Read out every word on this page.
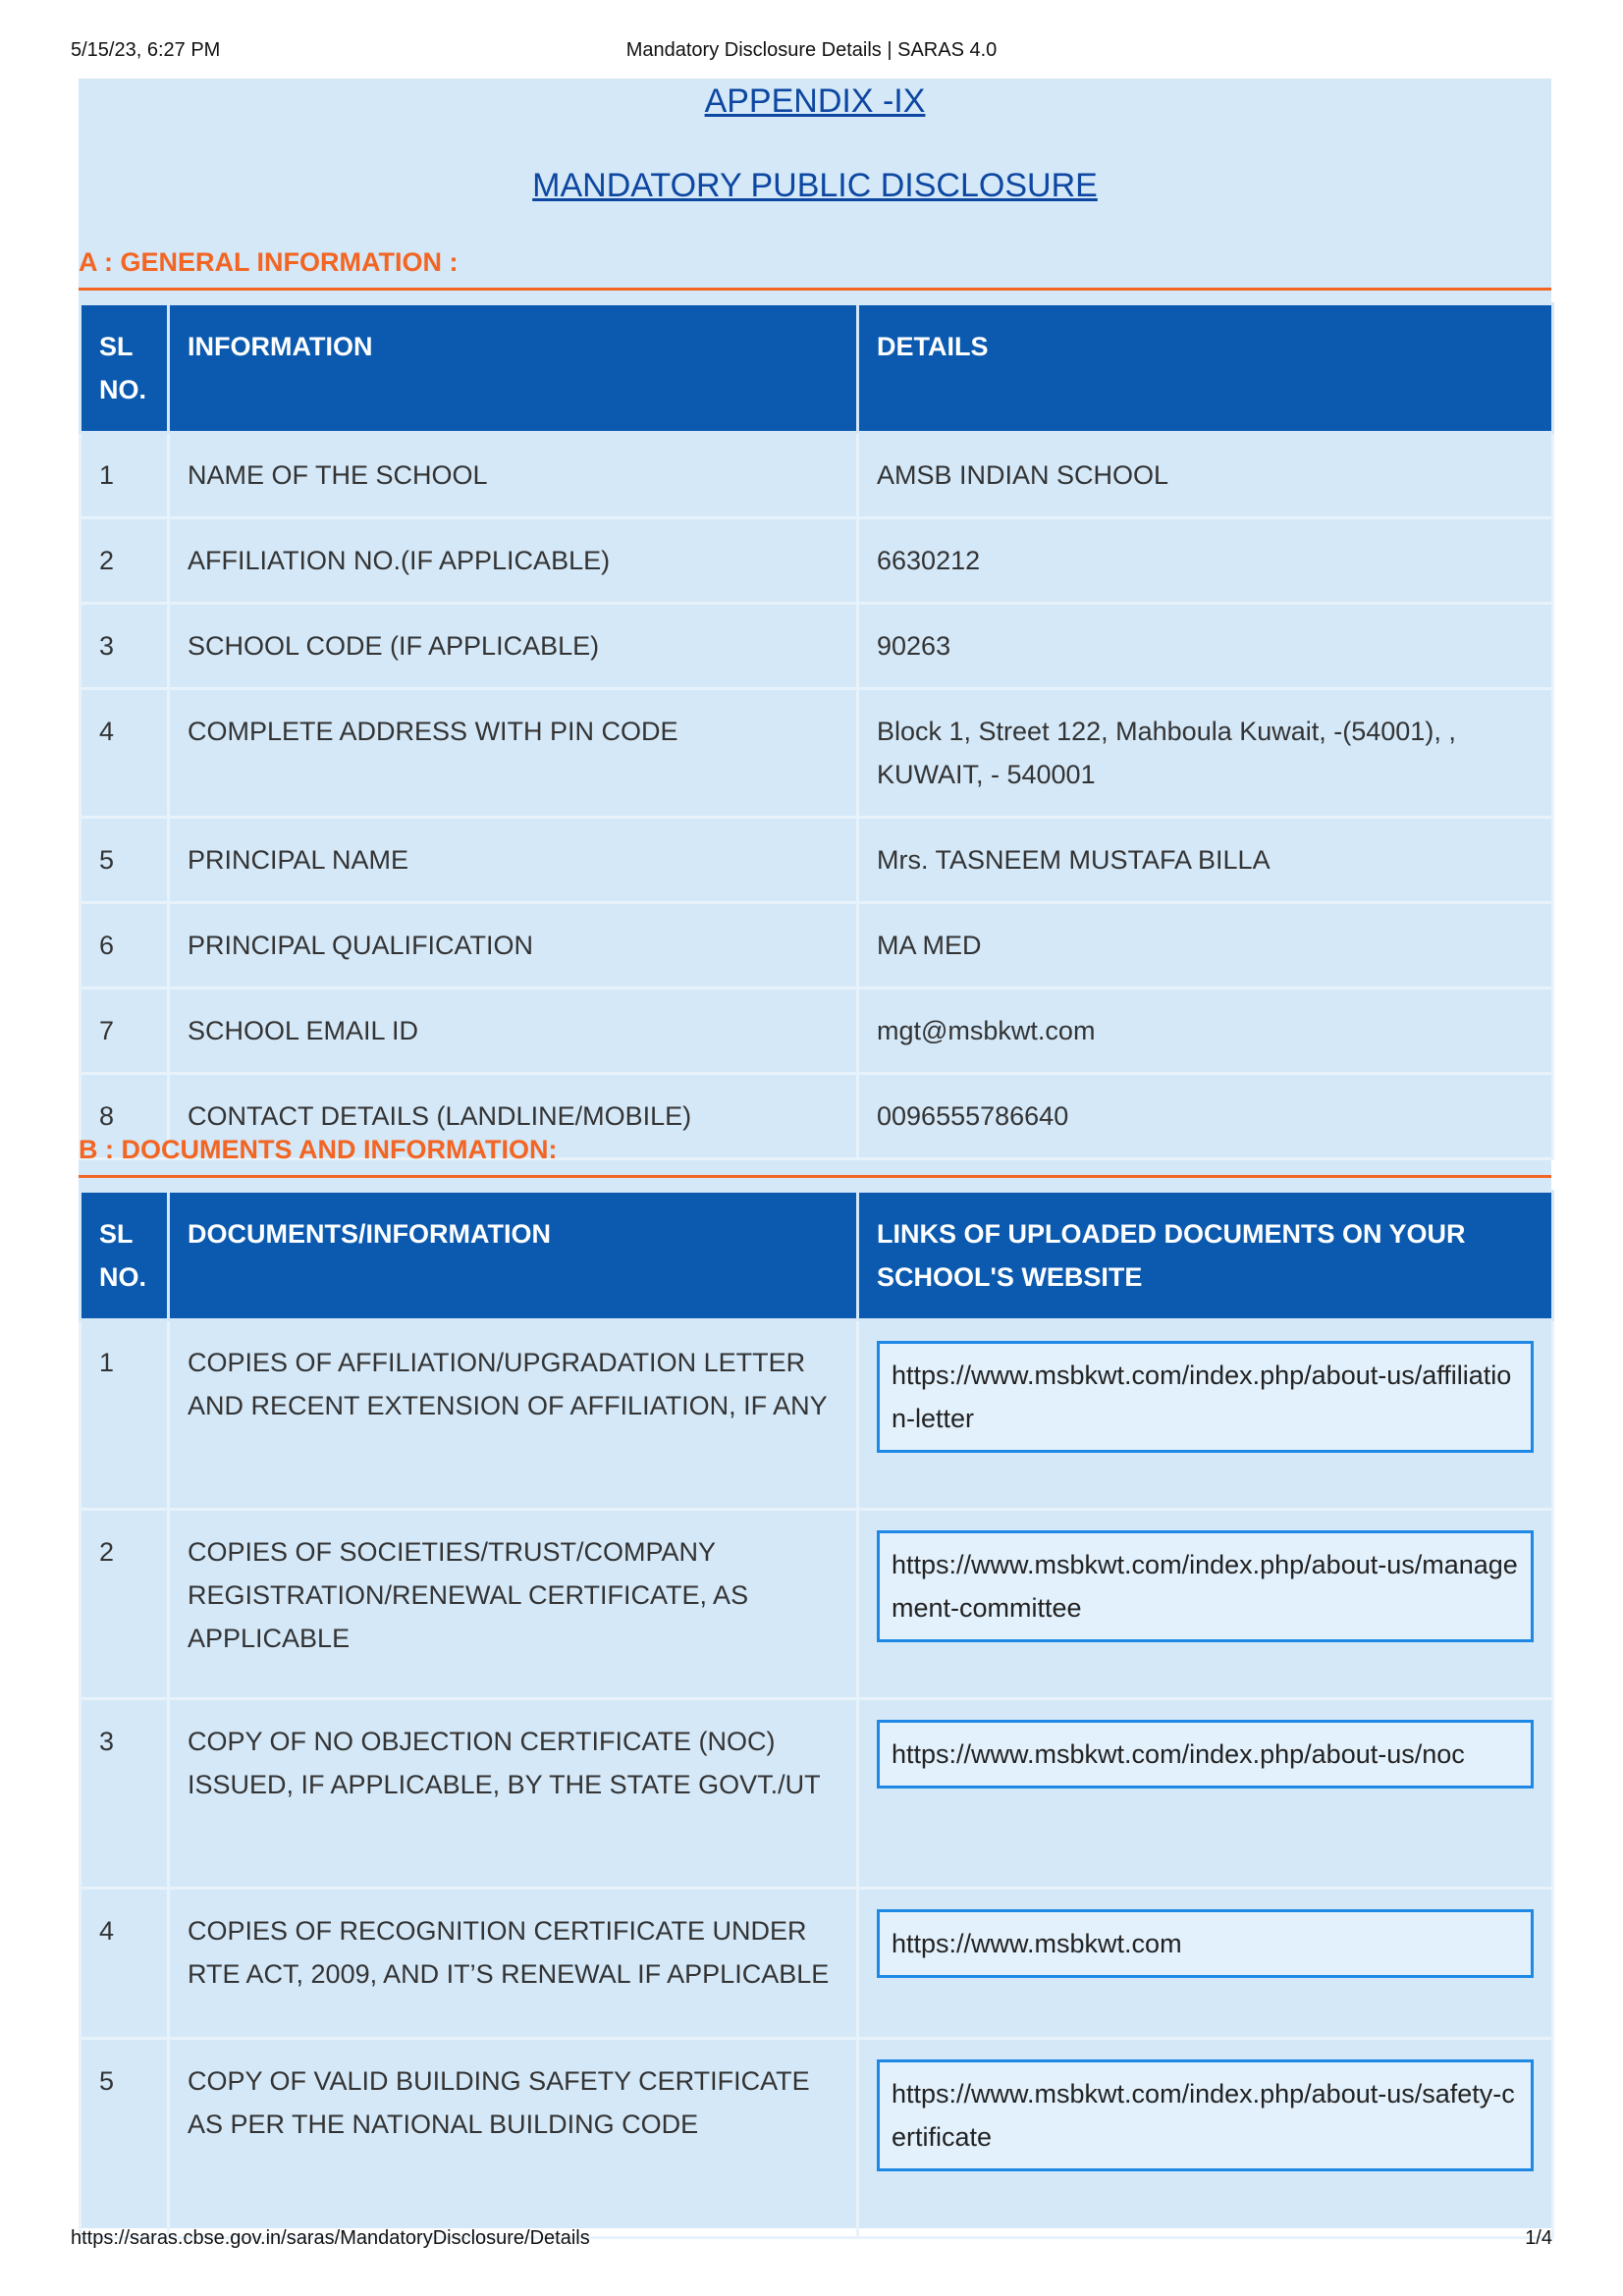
5/15/23, 6:27 PM	Mandatory Disclosure Details | SARAS 4.0
APPENDIX -IX
MANDATORY PUBLIC DISCLOSURE
A : GENERAL INFORMATION :
SL NO.	INFORMATION	DETAILS
1	NAME OF THE SCHOOL	AMSB INDIAN SCHOOL
2	AFFILIATION NO.(IF APPLICABLE)	6630212
3	SCHOOL CODE (IF APPLICABLE)	90263
4	COMPLETE ADDRESS WITH PIN CODE	Block 1, Street 122, Mahboula Kuwait, -(54001), , KUWAIT, - 540001
5	PRINCIPAL NAME	Mrs. TASNEEM MUSTAFA BILLA
6	PRINCIPAL QUALIFICATION	MA MED
7	SCHOOL EMAIL ID	mgt@msbkwt.com
8	CONTACT DETAILS (LANDLINE/MOBILE)	0096555786640
B : DOCUMENTS AND INFORMATION:
SL NO.	DOCUMENTS/INFORMATION	LINKS OF UPLOADED DOCUMENTS ON YOUR SCHOOL'S WEBSITE
1	COPIES OF AFFILIATION/UPGRADATION LETTER AND RECENT EXTENSION OF AFFILIATION, IF ANY	https://www.msbkwt.com/index.php/about-us/affiliation-letter

2	COPIES OF SOCIETIES/TRUST/COMPANY REGISTRATION/RENEWAL CERTIFICATE, AS APPLICABLE	https://www.msbkwt.com/index.php/about-us/management-committee

3	COPY OF NO OBJECTION CERTIFICATE (NOC) ISSUED, IF APPLICABLE, BY THE STATE GOVT./UT	https://www.msbkwt.com/index.php/about-us/noc

4	COPIES OF RECOGNITION CERTIFICATE UNDER RTE ACT, 2009, AND IT’S RENEWAL IF APPLICABLE	https://www.msbkwt.com

5	COPY OF VALID BUILDING SAFETY CERTIFICATE AS PER THE NATIONAL BUILDING CODE	https://www.msbkwt.com/index.php/about-us/safety-certificate
https://saras.cbse.gov.in/saras/MandatoryDisclosure/Details	1/4
